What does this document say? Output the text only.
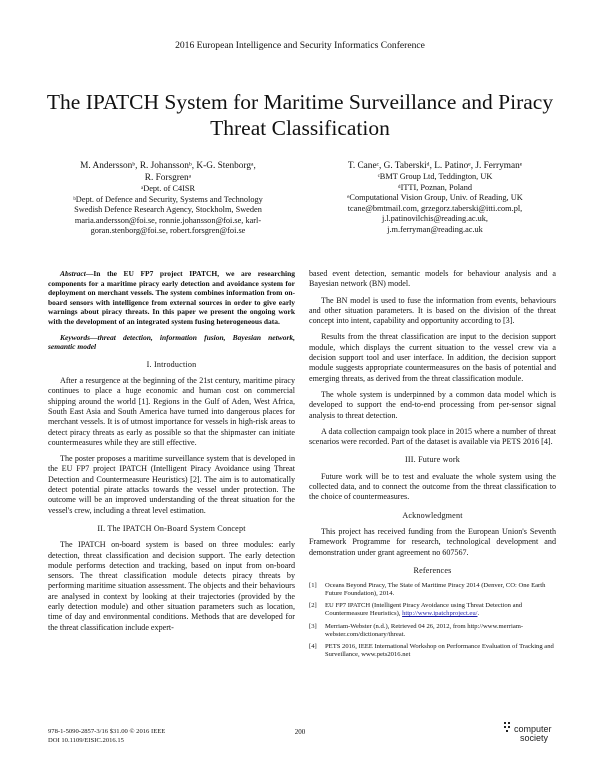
2016 European Intelligence and Security Informatics Conference
The IPATCH System for Maritime Surveillance and Piracy Threat Classification
M. Anderssonᵇ, R. Johanssonᵇ, K-G. Stenborgᵃ,
R. Forsgrenᵃ
ᵃDept. of C4ISR
ᵇDept. of Defence and Security, Systems and Technology
Swedish Defence Research Agency, Stockholm, Sweden
maria.andersson@foi.se, ronnie.johansson@foi.se, karl-
goran.stenborg@foi.se, robert.forsgren@foi.se
T. Caneᶜ, G. Taberskiᵈ, L. Patinoᵉ, J. Ferrymanᵉ
ᶜBMT Group Ltd, Teddington, UK
ᵈITTI, Poznan, Poland
ᵉComputational Vision Group, Univ. of Reading, UK
tcane@bmtmail.com, grzegorz.taberski@itti.com.pl,
j.l.patinovilchis@reading.ac.uk,
j.m.ferryman@reading.ac.uk

Abstract—In the EU FP7 project IPATCH, we are researching components for a maritime piracy early detection and avoidance system for deployment on merchant vessels. The system combines information from on-board sensors with intelligence from external sources in order to give early warnings about piracy threats. In this paper we present the ongoing work with the development of an integrated system fusing heterogeneous data.

Keywords—threat detection, information fusion, Bayesian network, semantic model

I. Introduction

After a resurgence at the beginning of the 21st century, maritime piracy continues to place a huge economic and human cost on commercial shipping around the world [1]. Regions in the Gulf of Aden, West Africa, South East Asia and South America have turned into dangerous places for merchant vessels. It is of utmost importance for vessels in high-risk areas to detect piracy threats as early as possible so that the shipmaster can initiate countermeasures while they are still effective.

The poster proposes a maritime surveillance system that is developed in the EU FP7 project IPATCH (Intelligent Piracy Avoidance using Threat Detection and Countermeasure Heuristics) [2]. The aim is to automatically detect potential pirate attacks towards the vessel under protection. The outcome will be an improved understanding of the threat situation for the vessel's crew, including a threat level estimation.

II. The IPATCH On-Board System Concept

The IPATCH on-board system is based on three modules: early detection, threat classification and decision support. The early detection module performs detection and tracking, based on input from on-board sensors. The threat classification module detects piracy threats by performing maritime situation assessment. The objects and their behaviours are analysed in context by looking at their trajectories (provided by the early detection module) and other situation parameters such as location, time of day and environmental conditions. Methods that are developed for the threat classification include expert-

based event detection, semantic models for behaviour analysis and a Bayesian network (BN) model.

The BN model is used to fuse the information from events, behaviours and other situation parameters. It is based on the division of the threat concept into intent, capability and opportunity according to [3].

Results from the threat classification are input to the decision support module, which displays the current situation to the vessel crew via a decision support tool and user interface. In addition, the decision support module suggests appropriate countermeasures on the basis of potential and emerging threats, as derived from the threat classification module.

The whole system is underpinned by a common data model which is developed to support the end-to-end processing from per-sensor signal analysis to threat detection.

A data collection campaign took place in 2015 where a number of threat scenarios were recorded. Part of the dataset is available via PETS 2016 [4].

III. Future work

Future work will be to test and evaluate the whole system using the collected data, and to connect the outcome from the threat classification to the choice of countermeasures.

Acknowledgment

This project has received funding from the European Union's Seventh Framework Programme for research, technological development and demonstration under grant agreement no 607567.

References
[1]	Oceans Beyond Piracy, The State of Maritime Piracy 2014 (Denver, CO: One Earth Future Foundation), 2014.
[2]	EU FP7 IPATCH (Intelligent Piracy Avoidance using Threat Detection and Countermeasure Heuristics), http://www.ipatchproject.eu/.
[3]	Merriam-Webster (n.d.), Retrieved 04 26, 2012, from http://www.merriam-webster.com/dictionary/threat.
[4]	PETS 2016, IEEE International Workshop on Performance Evaluation of Tracking and Surveillance, www.pets2016.net
978-1-5090-2857-3/16 $31.00 © 2016 IEEE
DOI 10.1109/EISIC.2016.15
200	computer
society
